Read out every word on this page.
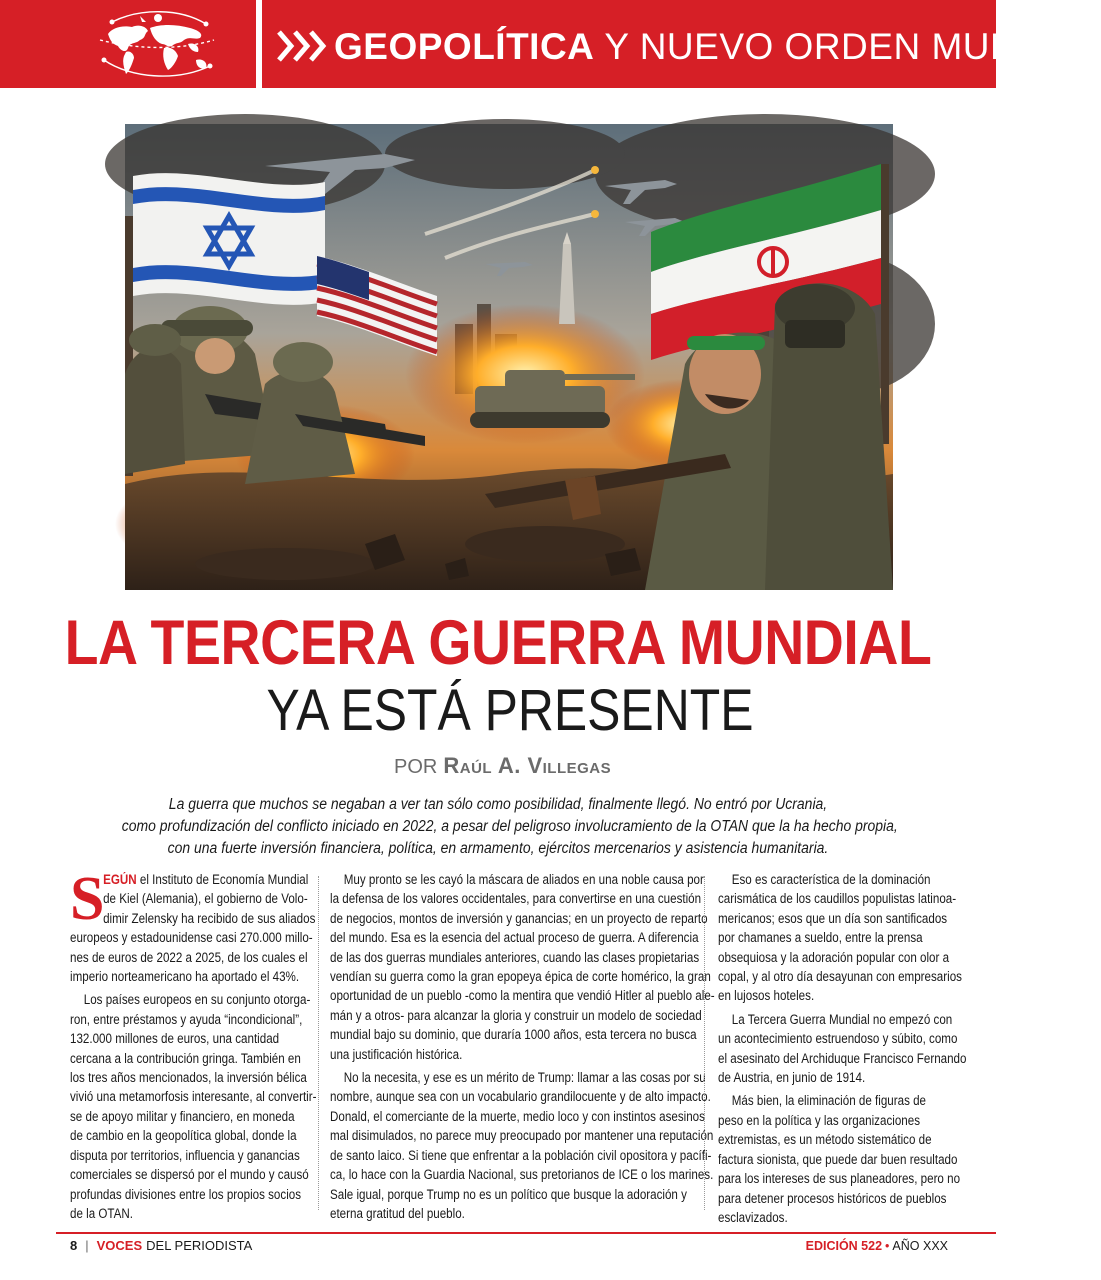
GEOPOLÍTICA Y NUEVO ORDEN MUNDIAL
LA TERCERA GUERRA MUNDIAL
YA ESTÁ PRESENTE
POR Raúl A. Villegas

La guerra que muchos se negaban a ver tan sólo como posibilidad, finalmente llegó. No entró por Ucrania,

como profundización del conflicto iniciado en 2022, a pesar del peligroso involucramiento de la OTAN que la ha hecho propia,

con una fuerte inversión financiera, política, en armamento, ejércitos mercenarios y asistencia humanitaria.

S
EGÚN el Instituto de Economía Mundial
de Kiel (Alemania), el gobierno de Volo-
dimir Zelensky ha recibido de sus aliados
europeos y estadounidense casi 270.000 millo-
nes de euros de 2022 a 2025, de los cuales el
imperio norteamericano ha aportado el 43%.
Los países europeos en su conjunto otorga-
ron, entre préstamos y ayuda “incondicional”,
132.000 millones de euros, una cantidad
cercana a la contribución gringa. También en
los tres años mencionados, la inversión bélica
vivió una metamorfosis interesante, al convertir-
se de apoyo militar y financiero, en moneda
de cambio en la geopolítica global, donde la
disputa por territorios, influencia y ganancias
comerciales se dispersó por el mundo y causó
profundas divisiones entre los propios socios
de la OTAN.
Muy pronto se les cayó la máscara de aliados en una noble causa por
la defensa de los valores occidentales, para convertirse en una cuestión
de negocios, montos de inversión y ganancias; en un proyecto de reparto
del mundo. Esa es la esencia del actual proceso de guerra. A diferencia
de las dos guerras mundiales anteriores, cuando las clases propietarias
vendían su guerra como la gran epopeya épica de corte homérico, la gran
oportunidad de un pueblo -como la mentira que vendió Hitler al pueblo ale-
mán y a otros- para alcanzar la gloria y construir un modelo de sociedad
mundial bajo su dominio, que duraría 1000 años, esta tercera no busca
una justificación histórica.
No la necesita, y ese es un mérito de Trump: llamar a las cosas por su
nombre, aunque sea con un vocabulario grandilocuente y de alto impacto.
Donald, el comerciante de la muerte, medio loco y con instintos asesinos
mal disimulados, no parece muy preocupado por mantener una reputación
de santo laico. Si tiene que enfrentar a la población civil opositora y pacífi-
ca, lo hace con la Guardia Nacional, sus pretorianos de ICE o los marines.
Sale igual, porque Trump no es un político que busque la adoración y
eterna gratitud del pueblo.
Eso es característica de la dominación
carismática de los caudillos populistas latinoa-
mericanos; esos que un día son santificados
por chamanes a sueldo, entre la prensa
obsequiosa y la adoración popular con olor a
copal, y al otro día desayunan con empresarios
en lujosos hoteles.
La Tercera Guerra Mundial no empezó con
un acontecimiento estruendoso y súbito, como
el asesinato del Archiduque Francisco Fernando
de Austria, en junio de 1914.
Más bien, la eliminación de figuras de
peso en la política y las organizaciones
extremistas, es un método sistemático de
factura sionista, que puede dar buen resultado
para los intereses de sus planeadores, pero no
para detener procesos históricos de pueblos
esclavizados.
8 | VOCES DEL PERIODISTA	EDICIÓN 522 • AÑO XXX
